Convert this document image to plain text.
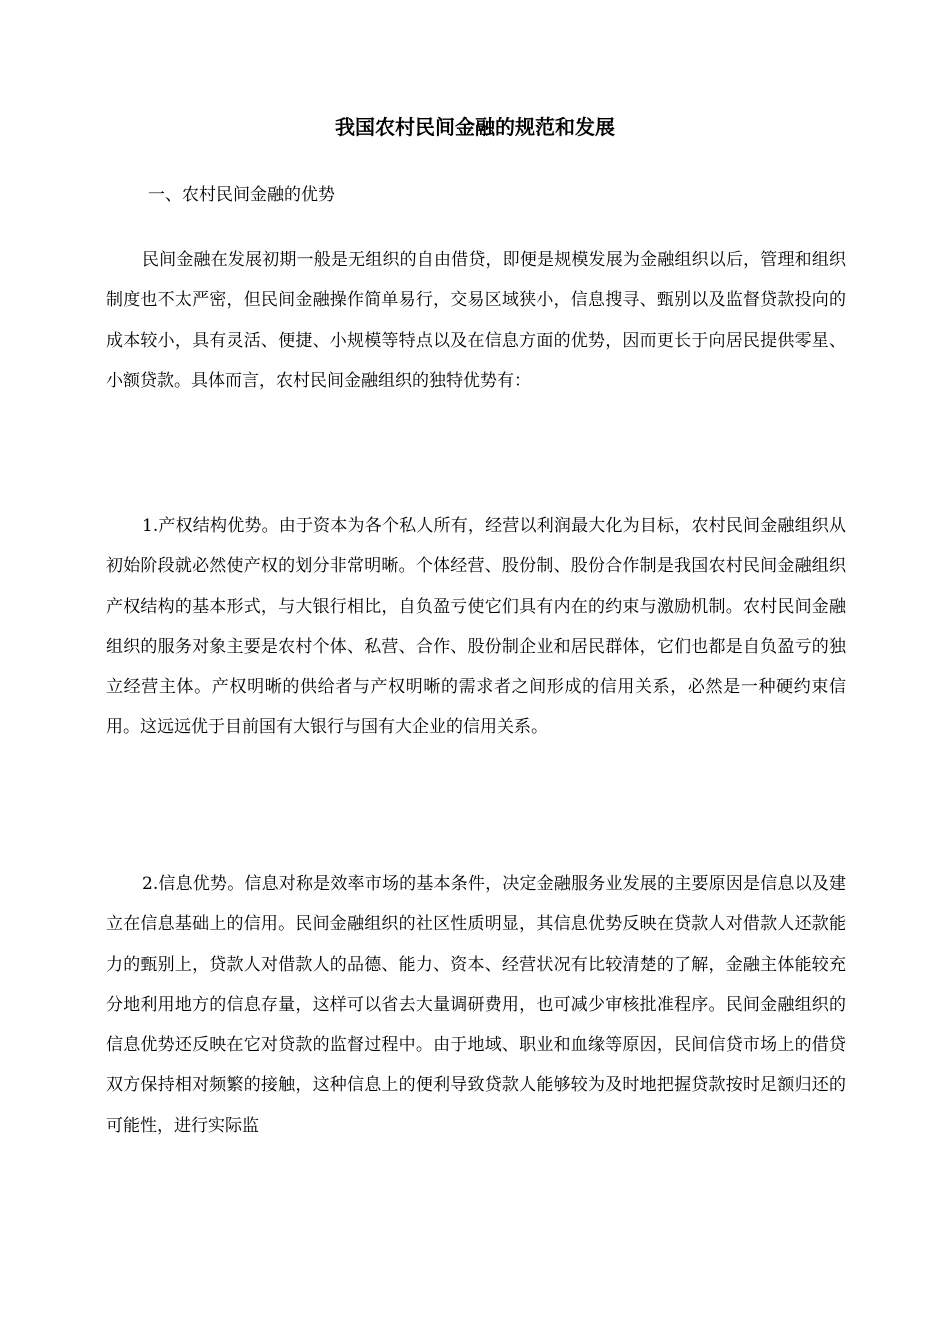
我国农村民间金融的规范和发展
一、农村民间金融的优势

民间金融在发展初期一般是无组织的自由借贷，即便是规模发展为金融组织以后，管理和组织制度也不太严密，但民间金融操作简单易行，交易区域狭小，信息搜寻、甄别以及监督贷款投向的成本较小，具有灵活、便捷、小规模等特点以及在信息方面的优势，因而更长于向居民提供零星、小额贷款。具体而言，农村民间金融组织的独特优势有：

1.产权结构优势。由于资本为各个私人所有，经营以利润最大化为目标，农村民间金融组织从初始阶段就必然使产权的划分非常明晰。个体经营、股份制、股份合作制是我国农村民间金融组织产权结构的基本形式，与大银行相比，自负盈亏使它们具有内在的约束与激励机制。农村民间金融组织的服务对象主要是农村个体、私营、合作、股份制企业和居民群体，它们也都是自负盈亏的独立经营主体。产权明晰的供给者与产权明晰的需求者之间形成的信用关系，必然是一种硬约束信用。这远远优于目前国有大银行与国有大企业的信用关系。

2.信息优势。信息对称是效率市场的基本条件，决定金融服务业发展的主要原因是信息以及建立在信息基础上的信用。民间金融组织的社区性质明显，其信息优势反映在贷款人对借款人还款能力的甄别上，贷款人对借款人的品德、能力、资本、经营状况有比较清楚的了解，金融主体能较充分地利用地方的信息存量，这样可以省去大量调研费用，也可减少审核批准程序。民间金融组织的信息优势还反映在它对贷款的监督过程中。由于地域、职业和血缘等原因，民间信贷市场上的借贷双方保持相对频繁的接触，这种信息上的便利导致贷款人能够较为及时地把握贷款按时足额归还的可能性，进行实际监
